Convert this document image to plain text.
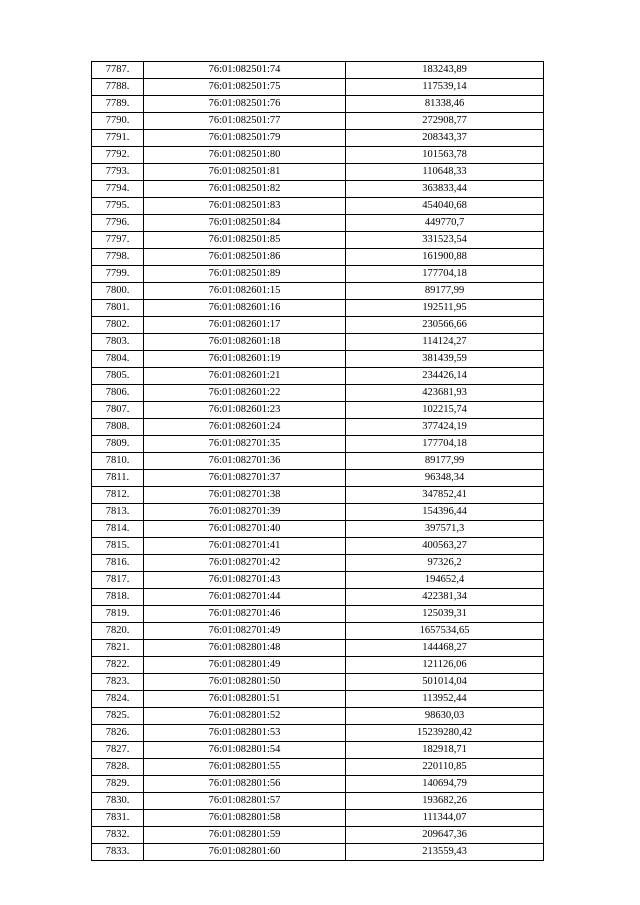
7787.	76:01:082501:74	183243,89
7788.	76:01:082501:75	117539,14
7789.	76:01:082501:76	81338,46
7790.	76:01:082501:77	272908,77
7791.	76:01:082501:79	208343,37
7792.	76:01:082501:80	101563,78
7793.	76:01:082501:81	110648,33
7794.	76:01:082501:82	363833,44
7795.	76:01:082501:83	454040,68
7796.	76:01:082501:84	449770,7
7797.	76:01:082501:85	331523,54
7798.	76:01:082501:86	161900,88
7799.	76:01:082501:89	177704,18
7800.	76:01:082601:15	89177,99
7801.	76:01:082601:16	192511,95
7802.	76:01:082601:17	230566,66
7803.	76:01:082601:18	114124,27
7804.	76:01:082601:19	381439,59
7805.	76:01:082601:21	234426,14
7806.	76:01:082601:22	423681,93
7807.	76:01:082601:23	102215,74
7808.	76:01:082601:24	377424,19
7809.	76:01:082701:35	177704,18
7810.	76:01:082701:36	89177,99
7811.	76:01:082701:37	96348,34
7812.	76:01:082701:38	347852,41
7813.	76:01:082701:39	154396,44
7814.	76:01:082701:40	397571,3
7815.	76:01:082701:41	400563,27
7816.	76:01:082701:42	97326,2
7817.	76:01:082701:43	194652,4
7818.	76:01:082701:44	422381,34
7819.	76:01:082701:46	125039,31
7820.	76:01:082701:49	1657534,65
7821.	76:01:082801:48	144468,27
7822.	76:01:082801:49	121126,06
7823.	76:01:082801:50	501014,04
7824.	76:01:082801:51	113952,44
7825.	76:01:082801:52	98630,03
7826.	76:01:082801:53	15239280,42
7827.	76:01:082801:54	182918,71
7828.	76:01:082801:55	220110,85
7829.	76:01:082801:56	140694,79
7830.	76:01:082801:57	193682,26
7831.	76:01:082801:58	111344,07
7832.	76:01:082801:59	209647,36
7833.	76:01:082801:60	213559,43
